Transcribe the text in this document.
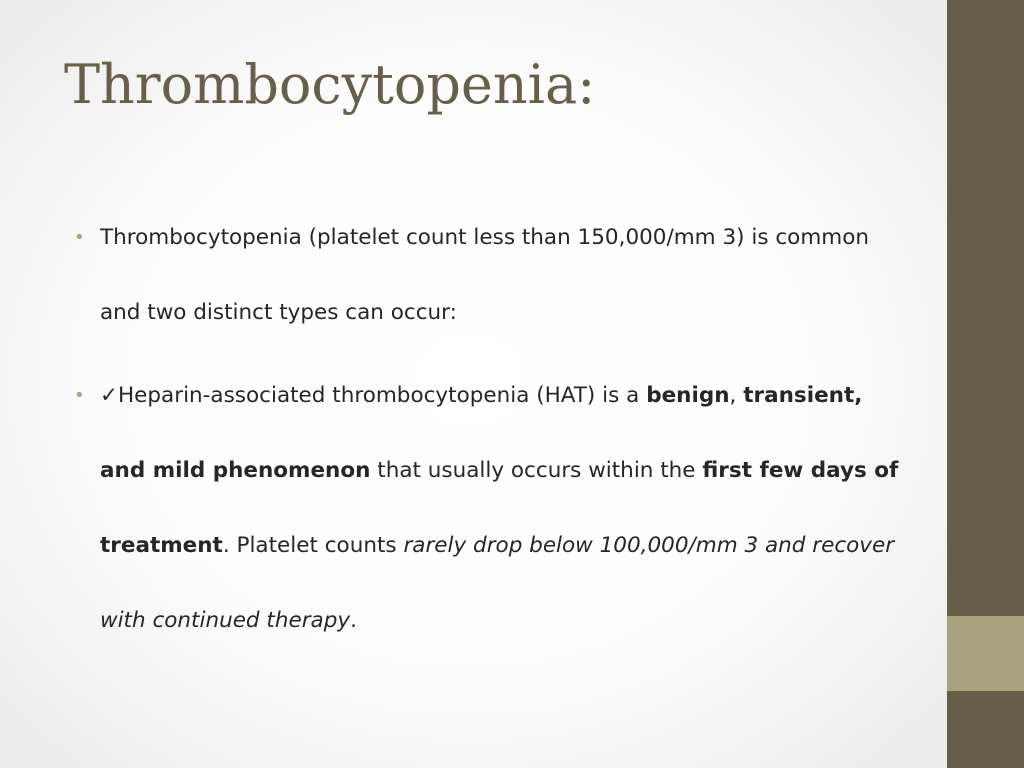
Thrombocytopenia:
• Thrombocytopenia (platelet count less than 150,000/mm 3) is common and two distinct types can occur:
• ✓Heparin-associated thrombocytopenia (HAT) is a benign, transient, and mild phenomenon that usually occurs within the first few days of treatment. Platelet counts rarely drop below 100,000/mm 3 and recover with continued therapy.
